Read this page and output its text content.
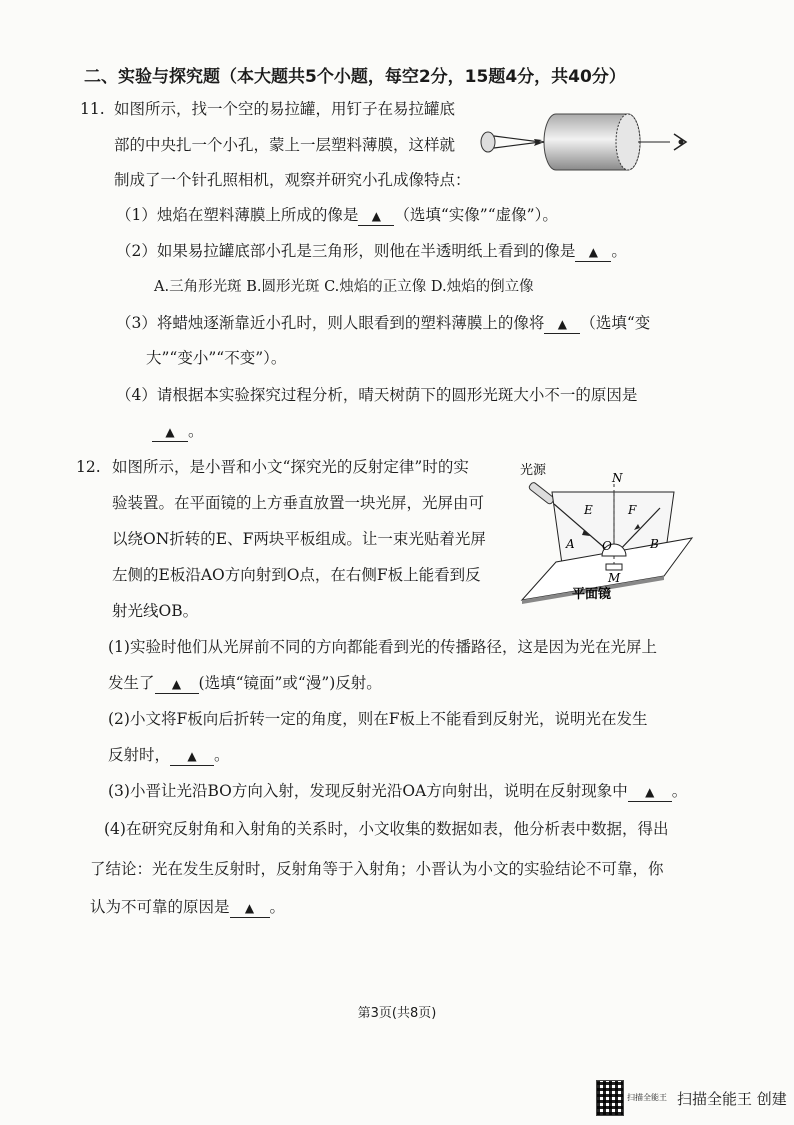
二、实验与探究题（本大题共5个小题，每空2分，15题4分，共40分）
11. 如图所示，找一个空的易拉罐，用钉子在易拉罐底
部的中央扎一个小孔，蒙上一层塑料薄膜，这样就
制成了一个针孔照相机，观察并研究小孔成像特点：
（1）烛焰在塑料薄膜上所成的像是 ▲ （选填“实像”“虚像”）。
（2）如果易拉罐底部小孔是三角形，则他在半透明纸上看到的像是 ▲ 。
A.三角形光斑 B.圆形光斑 C.烛焰的正立像 D.烛焰的倒立像
（3）将蜡烛逐渐靠近小孔时，则人眼看到的塑料薄膜上的像将 ▲ （选填“变
大”“变小”“不变”）。
（4）请根据本实验探究过程分析，晴天树荫下的圆形光斑大小不一的原因是
▲ 。
12. 如图所示，是小晋和小文“探究光的反射定律”时的实
验装置。在平面镜的上方垂直放置一块光屏，光屏由可
以绕ON折转的E、F两块平板组成。让一束光贴着光屏
左侧的E板沿AO方向射到O点，在右侧F板上能看到反
射光线OB。
光源	N
E	F
A	B
O
M
平面镜
(1)实验时他们从光屏前不同的方向都能看到光的传播路径，这是因为光在光屏上
发生了 ▲ (选填“镜面”或“漫”)反射。
(2)小文将F板向后折转一定的角度，则在F板上不能看到反射光，说明光在发生
反射时， ▲ 。
(3)小晋让光沿BO方向入射，发现反射光沿OA方向射出，说明在反射现象中 ▲ 。
(4)在研究反射角和入射角的关系时，小文收集的数据如表，他分析表中数据，得出
了结论：光在发生反射时，反射角等于入射角；小晋认为小文的实验结论不可靠，你
认为不可靠的原因是 ▲ 。
第3页(共8页)
扫描全能王 扫描全能王 创建
